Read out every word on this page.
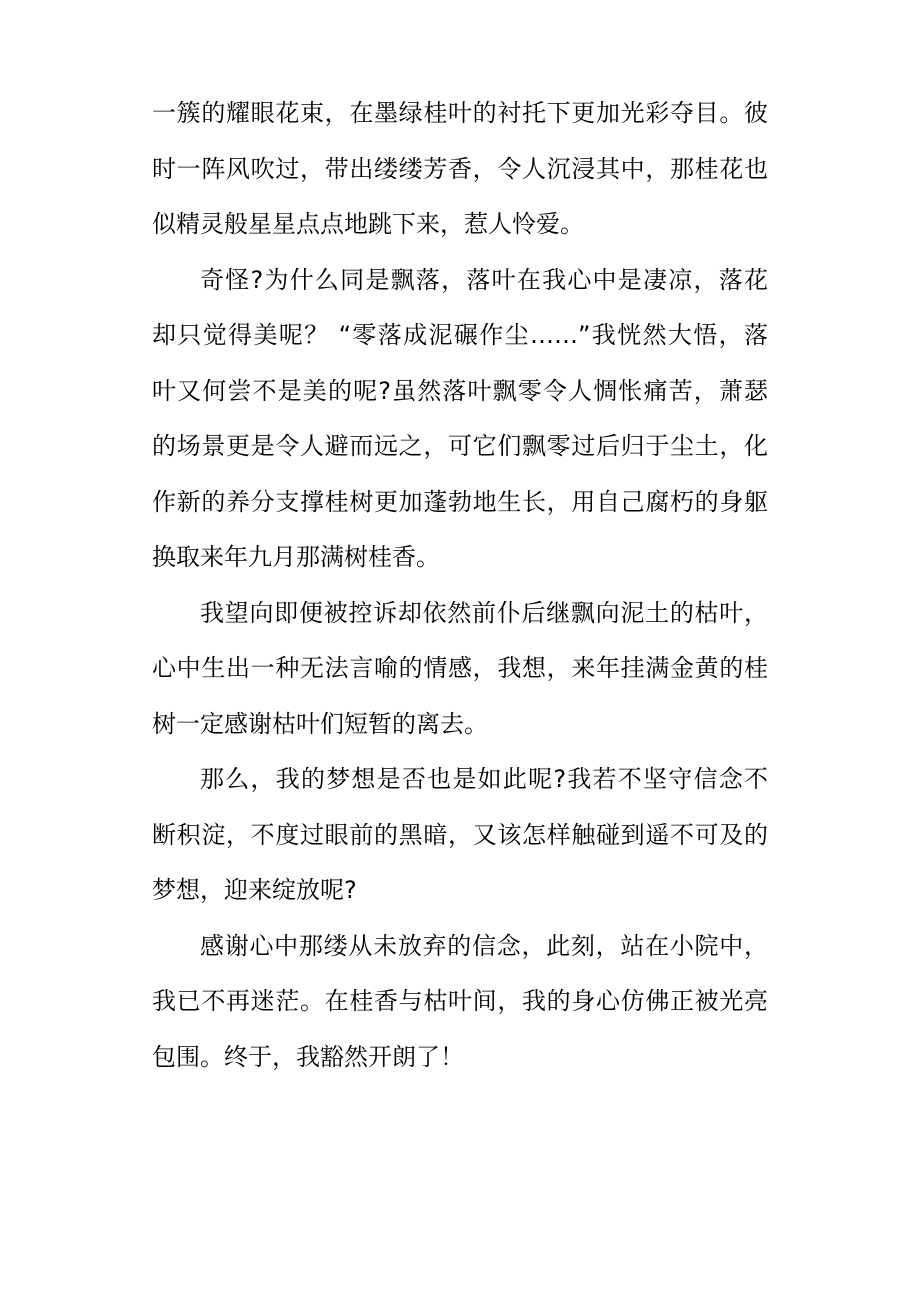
一簇的耀眼花束，在墨绿桂叶的衬托下更加光彩夺目。彼
时一阵风吹过，带出缕缕芳香，令人沉浸其中，那桂花也
似精灵般星星点点地跳下来，惹人怜爱。
奇怪?为什么同是飘落，落叶在我心中是凄凉，落花
却只觉得美呢？ “零落成泥碾作尘……”我恍然大悟，落
叶又何尝不是美的呢?虽然落叶飘零令人惆怅痛苦，萧瑟
的场景更是令人避而远之，可它们飘零过后归于尘土，化
作新的养分支撑桂树更加蓬勃地生长，用自己腐朽的身躯
换取来年九月那满树桂香。
我望向即便被控诉却依然前仆后继飘向泥土的枯叶，
心中生出一种无法言喻的情感，我想，来年挂满金黄的桂
树一定感谢枯叶们短暂的离去。
那么，我的梦想是否也是如此呢?我若不坚守信念不
断积淀，不度过眼前的黑暗，又该怎样触碰到遥不可及的
梦想，迎来绽放呢?
感谢心中那缕从未放弃的信念，此刻，站在小院中，
我已不再迷茫。在桂香与枯叶间，我的身心仿佛正被光亮
包围。终于，我豁然开朗了！
